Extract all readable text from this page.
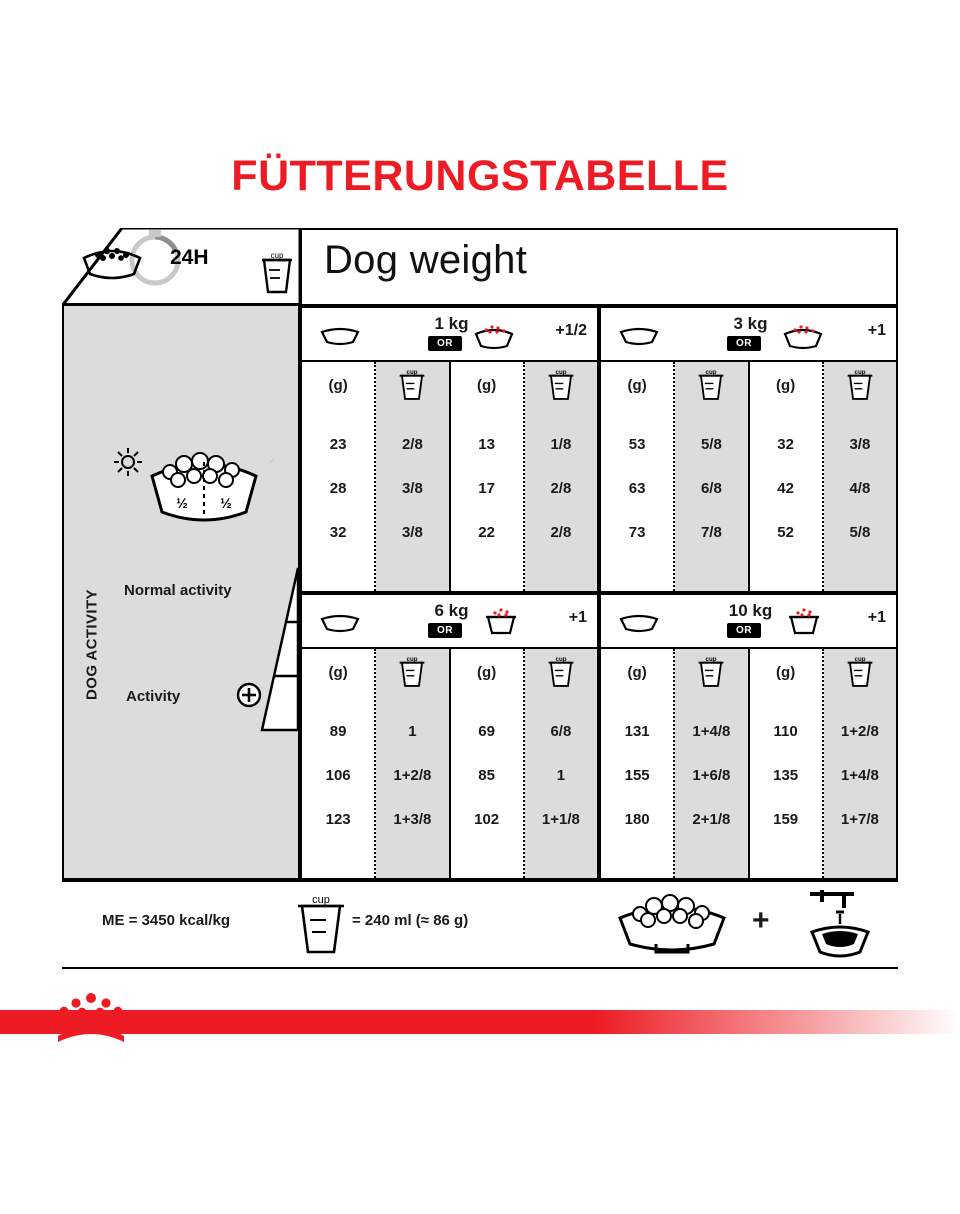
FÜTTERUNGSTABELLE
24H	cup Dog weight
DOG ACTIVITY
½ ½
Normal activity
Activity
1 kg
OR
+1/2
(g)
23
28
32
cup
2/8
3/8
3/8
(g)
13
17
22
cup
1/8
2/8
2/8
3 kg
OR
+1
(g)
53
63
73
cup
5/8
6/8
7/8
(g)
32
42
52
cup
3/8
4/8
5/8
6 kg
OR
+1
(g)
89
106
123
cup
1
1+2/8
1+3/8
(g)
69
85
102
cup
6/8
1
1+1/8
10 kg
OR
+1
(g)
131
155
180
cup
1+4/8
1+6/8
2+1/8
(g)
110
135
159
cup
1+2/8
1+4/8
1+7/8
ME = 3450 kcal/kg
cup
= 240 ml (≈ 86 g)	+
